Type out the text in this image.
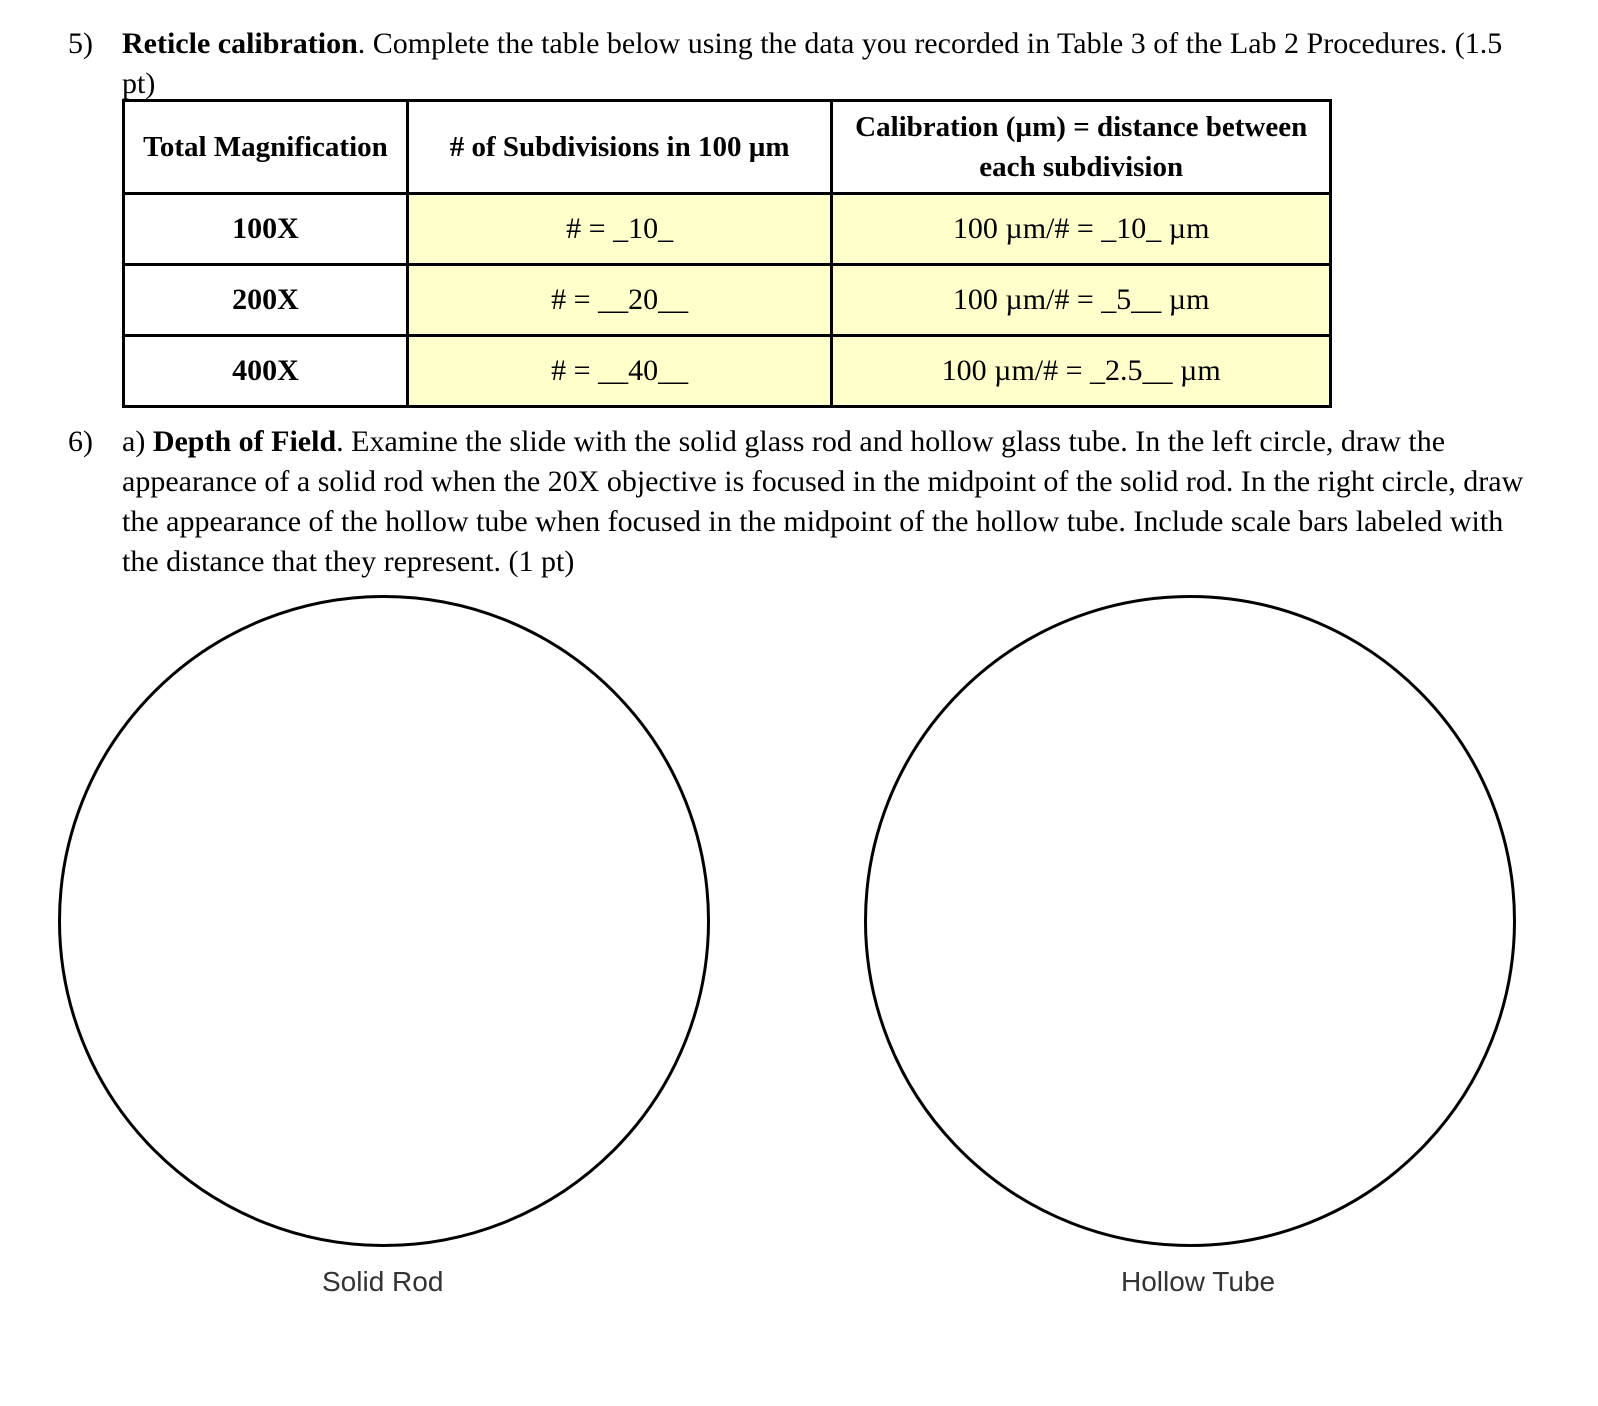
5) Reticle calibration. Complete the table below using the data you recorded in Table 3 of the Lab 2 Procedures. (1.5 pt)
Total Magnification	# of Subdivisions in 100 µm	Calibration (µm) = distance between each subdivision
100X	# = _10_	100 µm/# = _10_ µm
200X	# = __20__	100 µm/# = _5__ µm
400X	# = __40__	100 µm/# = _2.5__ µm
6) a) Depth of Field. Examine the slide with the solid glass rod and hollow glass tube. In the left circle, draw the appearance of a solid rod when the 20X objective is focused in the midpoint of the solid rod. In the right circle, draw the appearance of the hollow tube when focused in the midpoint of the hollow tube. Include scale bars labeled with the distance that they represent. (1 pt)
Solid Rod	Hollow Tube
